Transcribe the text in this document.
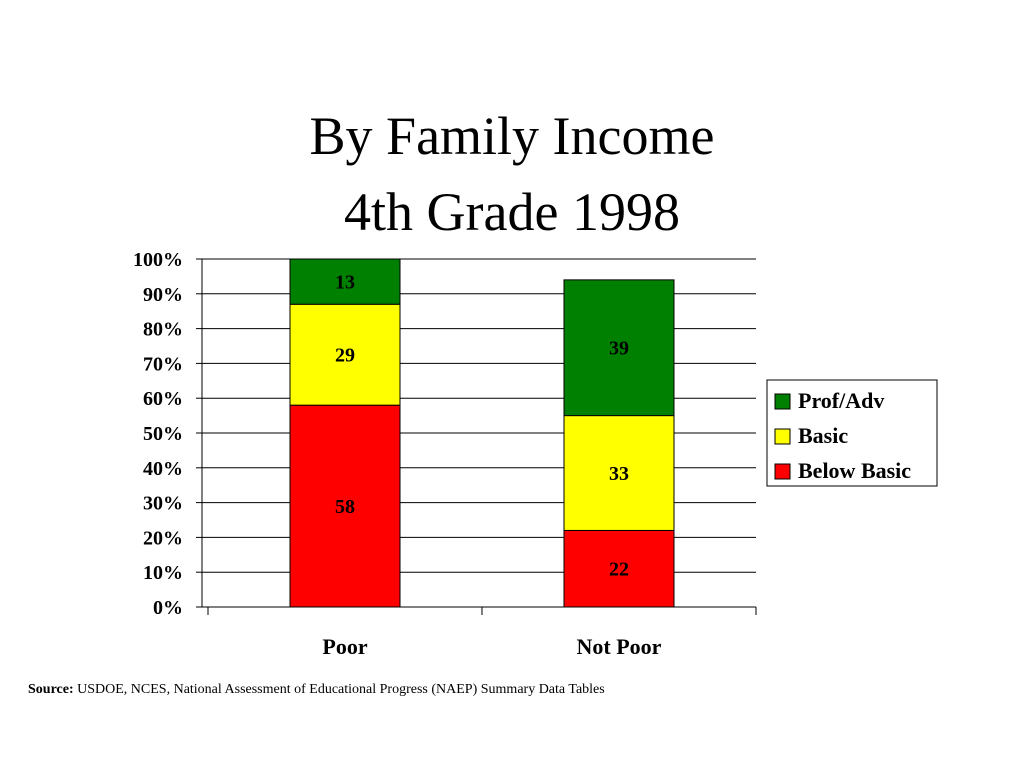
By Family Income
4th Grade 1998
0%
10%
20%
30%
40%
50%
60%
70%
80%
90%
100%
58
29
13
Poor
22
33
39
Not Poor
Prof/Adv
Basic
Below Basic
Source: USDOE, NCES, National Assessment of Educational Progress (NAEP) Summary Data Tables
